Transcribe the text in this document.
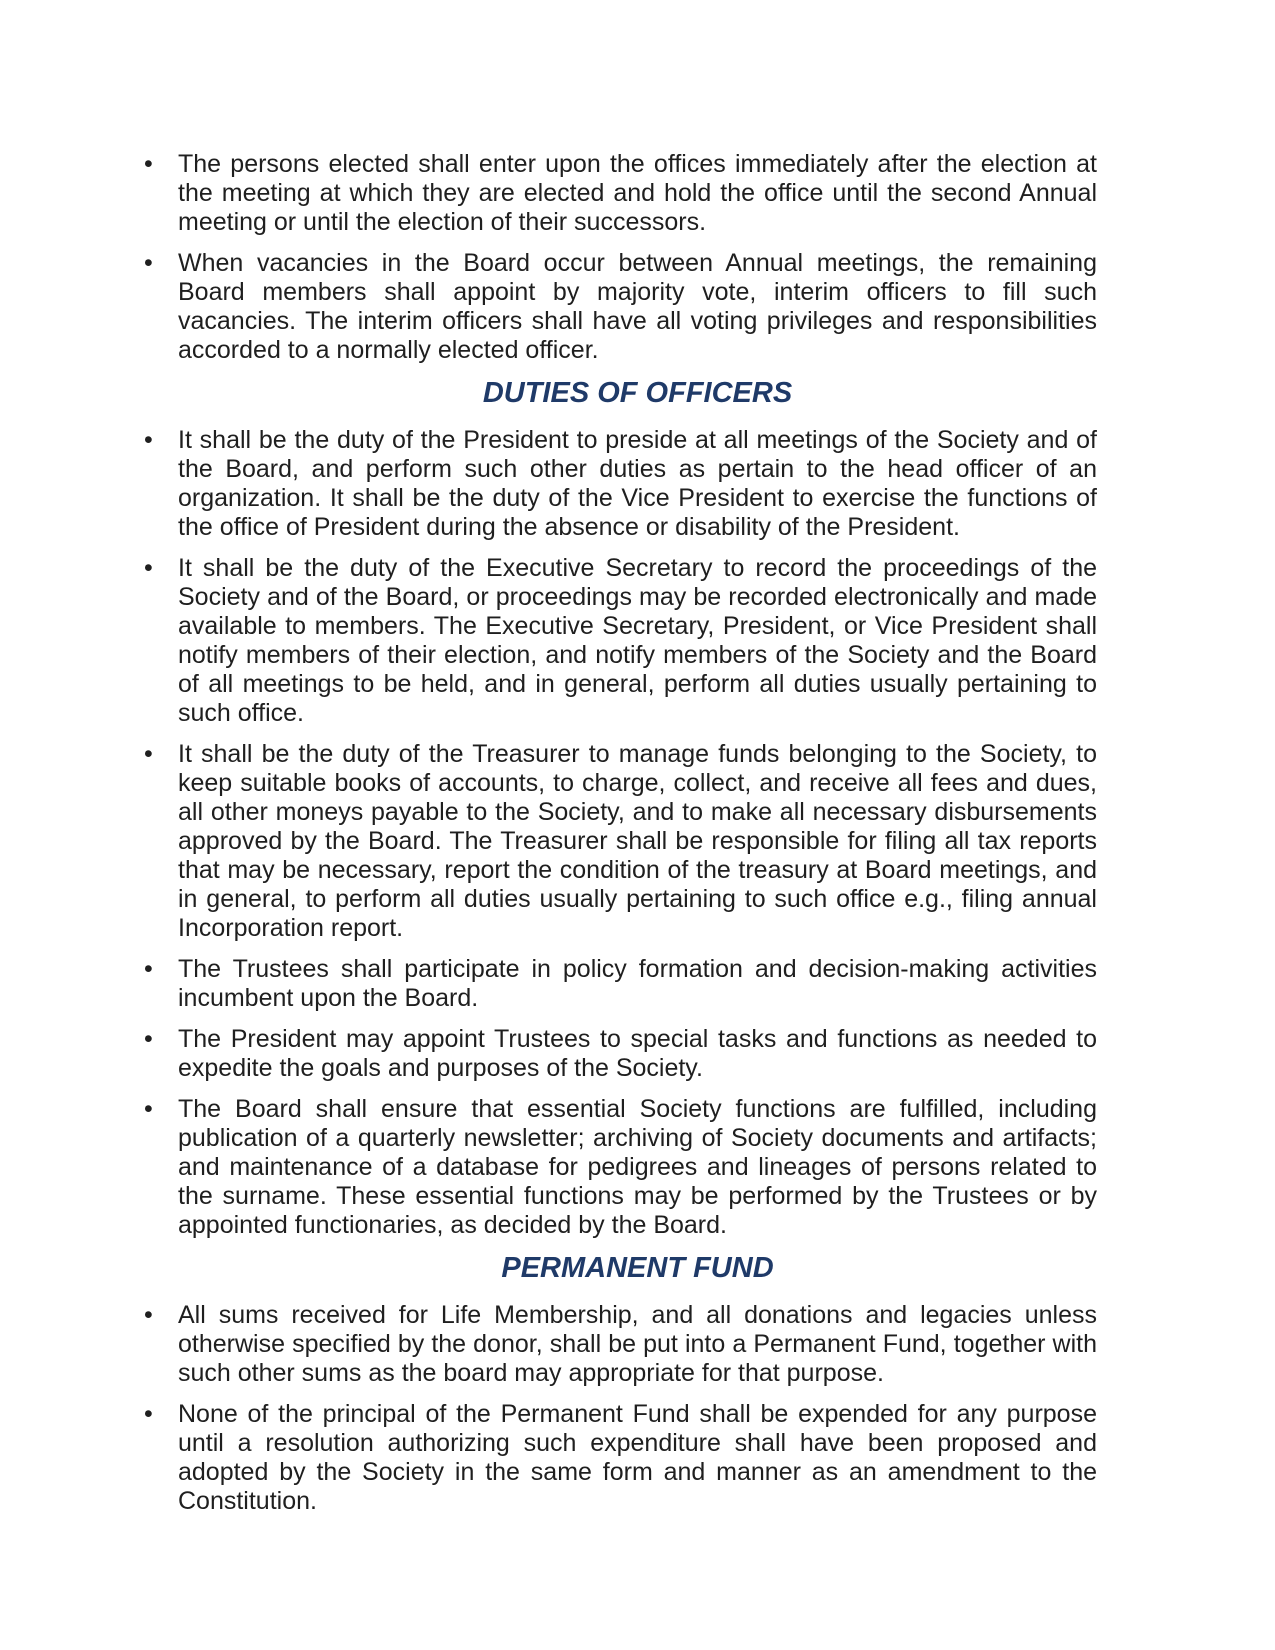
•	The persons elected shall enter upon the offices immediately after the election at the meeting at which they are elected and hold the office until the second Annual meeting or until the election of their successors.
•	When vacancies in the Board occur between Annual meetings, the remaining Board members shall appoint by majority vote, interim officers to fill such vacancies. The interim officers shall have all voting privileges and responsibilities accorded to a normally elected officer.
DUTIES OF OFFICERS
•	It shall be the duty of the President to preside at all meetings of the Society and of the Board, and perform such other duties as pertain to the head officer of an organization. It shall be the duty of the Vice President to exercise the functions of the office of President during the absence or disability of the President.
•	It shall be the duty of the Executive Secretary to record the proceedings of the Society and of the Board, or proceedings may be recorded electronically and made available to members. The Executive Secretary, President, or Vice President shall notify members of their election, and notify members of the Society and the Board of all meetings to be held, and in general, perform all duties usually pertaining to such office.
•	It shall be the duty of the Treasurer to manage funds belonging to the Society, to keep suitable books of accounts, to charge, collect, and receive all fees and dues, all other moneys payable to the Society, and to make all necessary disbursements approved by the Board. The Treasurer shall be responsible for filing all tax reports that may be necessary, report the condition of the treasury at Board meetings, and in general, to perform all duties usually pertaining to such office e.g., filing annual Incorporation report.
•	The Trustees shall participate in policy formation and decision-making activities incumbent upon the Board.
•	The President may appoint Trustees to special tasks and functions as needed to expedite the goals and purposes of the Society.
•	The Board shall ensure that essential Society functions are fulfilled, including publication of a quarterly newsletter; archiving of Society documents and artifacts; and maintenance of a database for pedigrees and lineages of persons related to the surname. These essential functions may be performed by the Trustees or by appointed functionaries, as decided by the Board.
PERMANENT FUND
•	All sums received for Life Membership, and all donations and legacies unless otherwise specified by the donor, shall be put into a Permanent Fund, together with such other sums as the board may appropriate for that purpose.
•	None of the principal of the Permanent Fund shall be expended for any purpose until a resolution authorizing such expenditure shall have been proposed and adopted by the Society in the same form and manner as an amendment to the Constitution.
